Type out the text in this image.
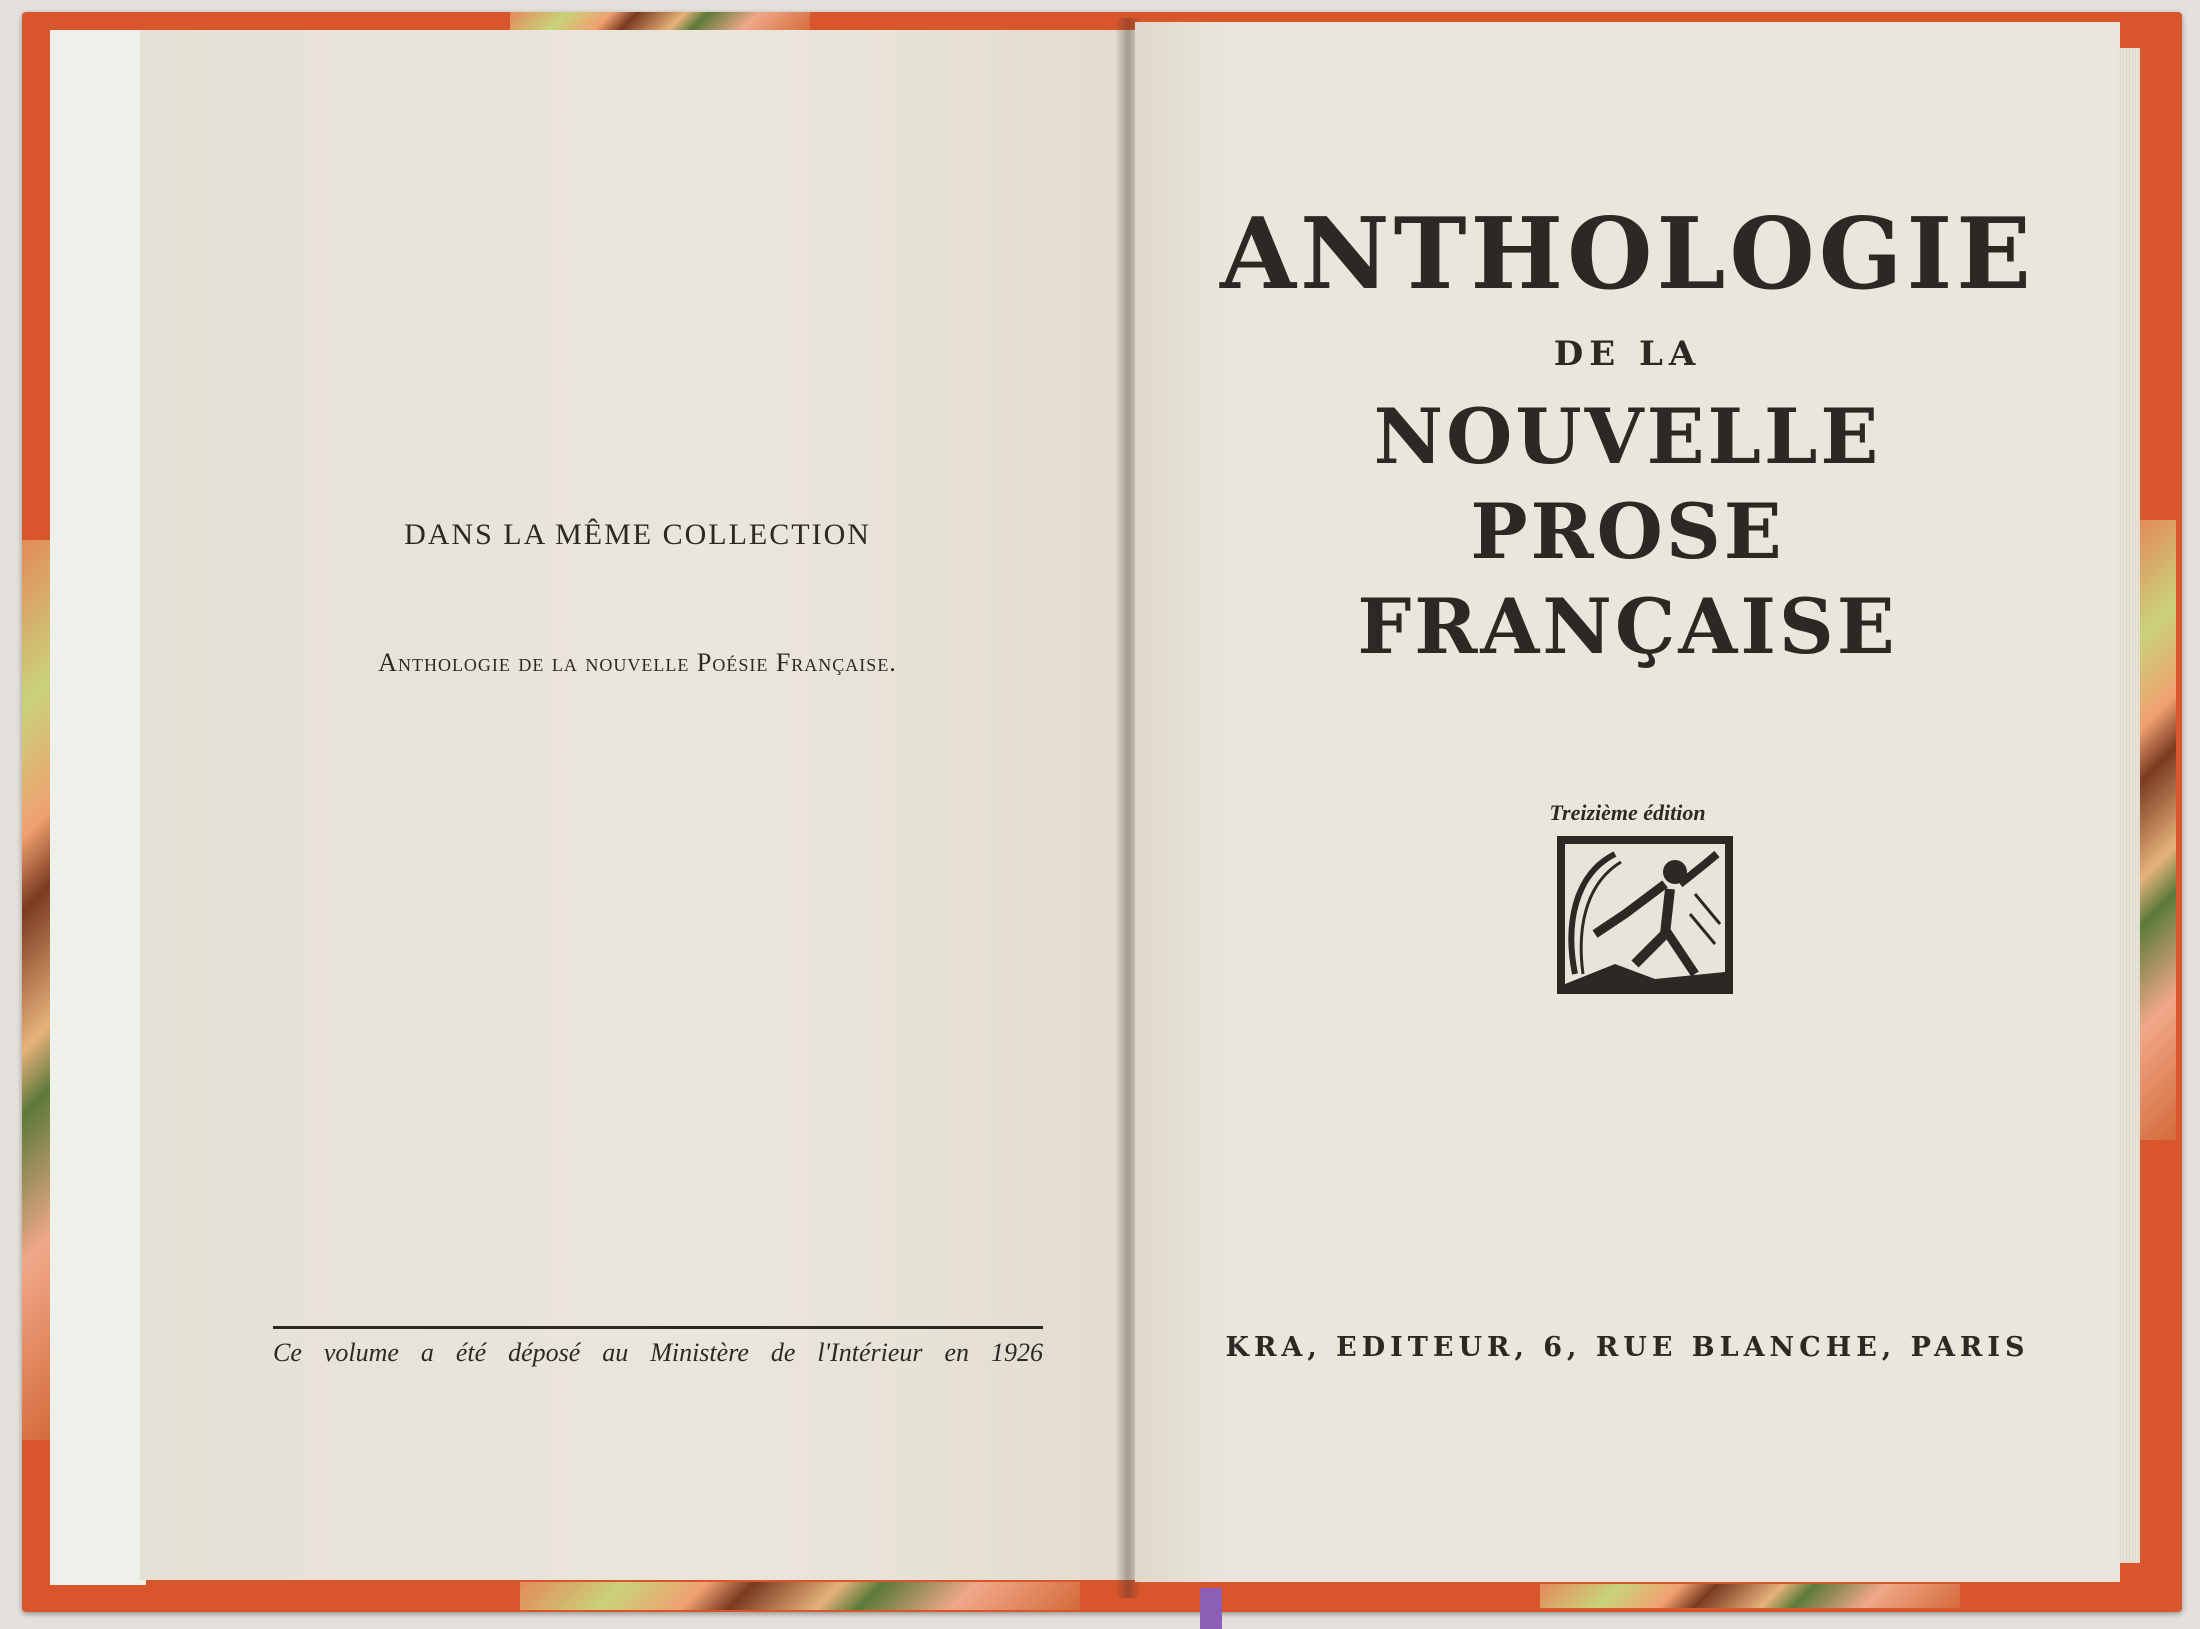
DANS LA MÊME COLLECTION
Anthologie de la nouvelle Poésie Française.
Ce volume a été déposé au Ministère de l'Intérieur en 1926
ANTHOLOGIE
DE LA
NOUVELLE
PROSE
FRANÇAISE
Treizième édition
KRA, EDITEUR, 6, RUE BLANCHE, PARIS
